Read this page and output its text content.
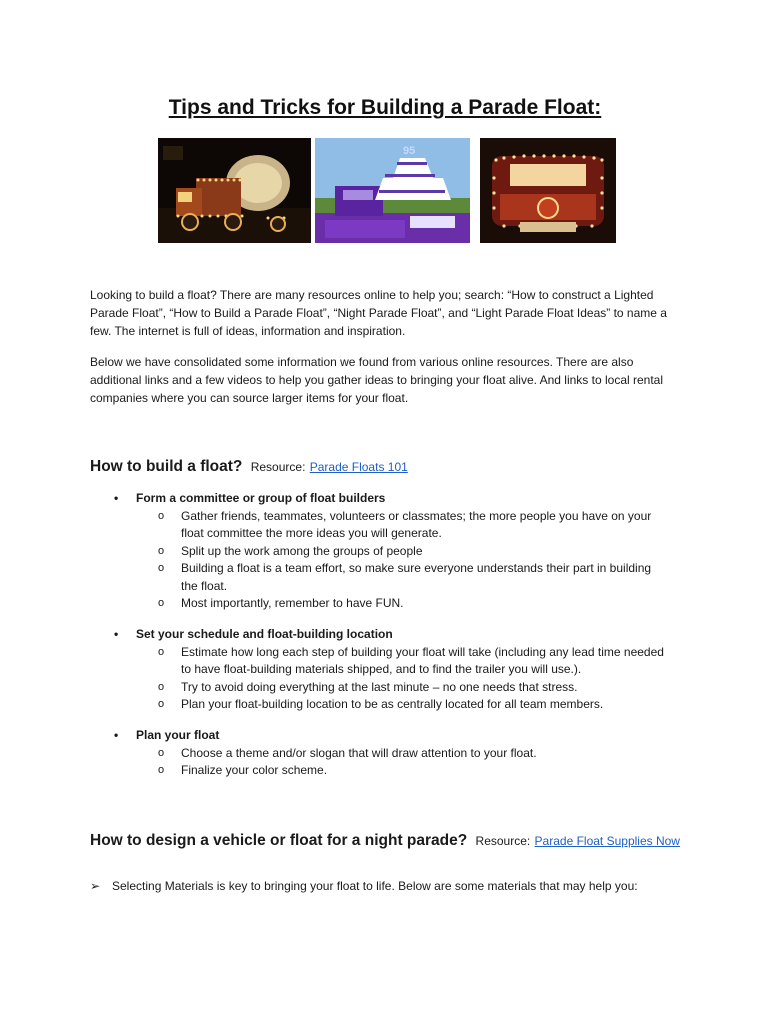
Tips and Tricks for Building a Parade Float:
95

Looking to build a float? There are many resources online to help you; search: “How to construct a Lighted Parade Float”, “How to Build a Parade Float”, “Night Parade Float”, and “Light Parade Float Ideas” to name a few. The internet is full of ideas, information and inspiration.

Below we have consolidated some information we found from various online resources. There are also additional links and a few videos to help you gather ideas to bringing your float alive. And links to local rental companies where you can source larger items for your float.

How to build a float? Resource: Parade Floats 101
• Form a committee or group of float builders
o Gather friends, teammates, volunteers or classmates; the more people you have on your float committee the more ideas you will generate.
o Split up the work among the groups of people
o Building a float is a team effort, so make sure everyone understands their part in building the float.
o Most importantly, remember to have FUN.
• Set your schedule and float-building location
o Estimate how long each step of building your float will take (including any lead time needed to have float-building materials shipped, and to find the trailer you will use.).
o Try to avoid doing everything at the last minute – no one needs that stress.
o Plan your float-building location to be as centrally located for all team members.
• Plan your float
o Choose a theme and/or slogan that will draw attention to your float.
o Finalize your color scheme.
How to design a vehicle or float for a night parade? Resource: Parade Float Supplies Now
➢ Selecting Materials is key to bringing your float to life. Below are some materials that may help you:
